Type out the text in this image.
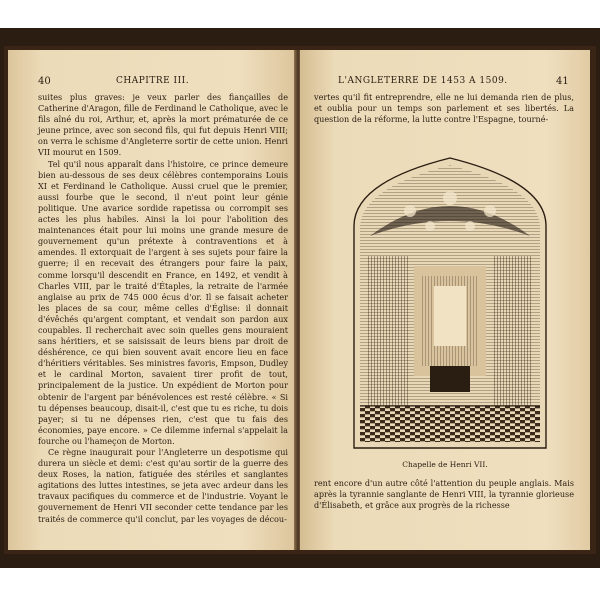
40	CHAPITRE III.

suites plus graves: je veux parler des fiançailles de Catherine d'Aragon, fille de Ferdinand le Catholique, avec le fils aîné du roi, Arthur, et, après la mort prématurée de ce jeune prince, avec son second fils, qui fut depuis Henri VIII; on verra le schisme d'Angleterre sortir de cette union. Henri VII mourut en 1509.

Tel qu'il nous apparaît dans l'histoire, ce prince demeure bien au-dessous de ses deux célèbres contemporains Louis XI et Ferdinand le Catholique. Aussi cruel que le premier, aussi fourbe que le second, il n'eut point leur génie politique. Une avarice sordide rapetissa ou corrompit ses actes les plus habiles. Ainsi la loi pour l'abolition des maintenances était pour lui moins une grande mesure de gouvernement qu'un prétexte à contraventions et à amendes. Il extorquait de l'argent à ses sujets pour faire la guerre; il en recevait des étrangers pour faire la paix, comme lorsqu'il descendit en France, en 1492, et vendit à Charles VIII, par le traité d'Étaples, la retraite de l'armée anglaise au prix de 745 000 écus d'or. Il se faisait acheter les places de sa cour, même celles d'Église: il donnait d'évêchés qu'argent comptant, et vendait son pardon aux coupables. Il recherchait avec soin quelles gens mouraient sans héritiers, et se saisissait de leurs biens par droit de déshérence, ce qui bien souvent avait encore lieu en face d'héritiers véritables. Ses ministres favoris, Empson, Dudley et le cardinal Morton, savaient tirer profit de tout, principalement de la justice. Un expédient de Morton pour obtenir de l'argent par bénévolences est resté célèbre. « Si tu dépenses beaucoup, disait-il, c'est que tu es riche, tu dois payer; si tu ne dépenses rien, c'est que tu fais des économies, paye encore. » Ce dilemme infernal s'appelait la fourche ou l'hameçon de Morton.

Ce règne inaugurait pour l'Angleterre un despotisme qui durera un siècle et demi: c'est qu'au sortir de la guerre des deux Roses, la nation, fatiguée des stériles et sanglantes agitations des luttes intestines, se jeta avec ardeur dans les travaux pacifiques du commerce et de l'industrie. Voyant le gouvernement de Henri VII seconder cette tendance par les traités de commerce qu'il conclut, par les voyages de décou-

L'ANGLETERRE DE 1453 A 1509.	41

vertes qu'il fit entreprendre, elle ne lui demanda rien de plus, et oublia pour un temps son parlement et ses libertés. La question de la réforme, la lutte contre l'Espagne, tourné-

Chapelle de Henri VII.

rent encore d'un autre côté l'attention du peuple anglais. Mais après la tyrannie sanglante de Henri VIII, la tyrannie glorieuse d'Élisabeth, et grâce aux progrès de la richesse
